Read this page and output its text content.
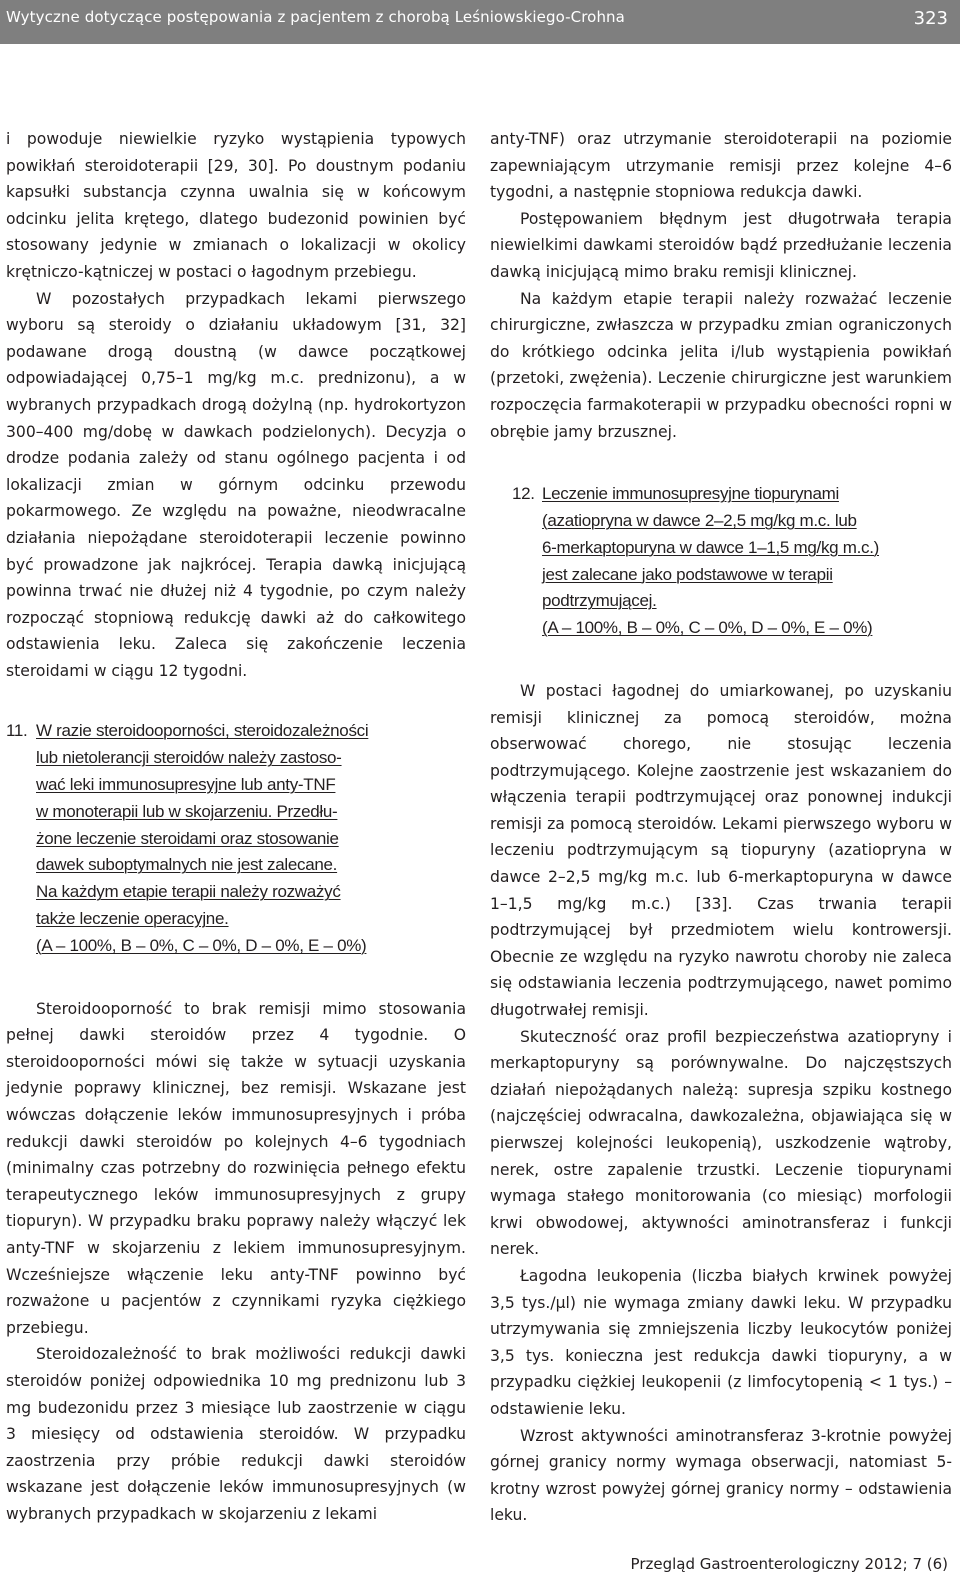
Wytyczne dotyczące postępowania z pacjentem z chorobą Leśniowskiego-Crohna	323

i powoduje niewielkie ryzyko wystąpienia typowych powikłań steroidoterapii [29, 30]. Po doustnym podaniu kapsułki substancja czynna uwalnia się w końcowym odcinku jelita krętego, dlatego budezonid powinien być stosowany jedynie w zmianach o lokalizacji w okolicy krętniczo-kątniczej w postaci o łagodnym przebiegu.

W pozostałych przypadkach lekami pierwszego wyboru są steroidy o działaniu układowym [31, 32] podawane drogą doustną (w dawce początkowej odpowiadającej 0,75–1 mg/kg m.c. prednizonu), a w wybranych przypadkach drogą dożylną (np. hydrokortyzon 300–400 mg/dobę w dawkach podzielonych). Decyzja o drodze podania zależy od stanu ogólnego pacjenta i od lokalizacji zmian w górnym odcinku przewodu pokarmowego. Ze względu na poważne, nieodwracalne działania niepożądane steroidoterapii leczenie powinno być prowadzone jak najkrócej. Terapia dawką inicjującą powinna trwać nie dłużej niż 4 tygodnie, po czym należy rozpocząć stopniową redukcję dawki aż do całkowitego odstawienia leku. Zaleca się zakończenie leczenia steroidami w ciągu 12 tygodni.

11. W razie steroidooporności, steroidozależności
lub nietolerancji steroidów należy zastoso-
wać leki immunosupresyjne lub anty-TNF
w monoterapii lub w skojarzeniu. Przedłu-
żone leczenie steroidami oraz stosowanie
dawek suboptymalnych nie jest zalecane.
Na każdym etapie terapii należy rozważyć
także leczenie operacyjne.
(A – 100%, B – 0%, C – 0%, D – 0%, E – 0%)

Steroidooporność to brak remisji mimo stosowania pełnej dawki steroidów przez 4 tygodnie. O steroidooporności mówi się także w sytuacji uzyskania jedynie poprawy klinicznej, bez remisji. Wskazane jest wówczas dołączenie leków immunosupresyjnych i próba redukcji dawki steroidów po kolejnych 4–6 tygodniach (minimalny czas potrzebny do rozwinięcia pełnego efektu terapeutycznego leków immunosupresyjnych z grupy tiopuryn). W przypadku braku poprawy należy włączyć lek anty-TNF w skojarzeniu z lekiem immunosupresyjnym. Wcześniejsze włączenie leku anty-TNF powinno być rozważone u pacjentów z czynnikami ryzyka ciężkiego przebiegu.

Steroidozależność to brak możliwości redukcji dawki steroidów poniżej odpowiednika 10 mg prednizonu lub 3 mg budezonidu przez 3 miesiące lub zaostrzenie w ciągu 3 miesięcy od odstawienia steroidów. W przypadku zaostrzenia przy próbie redukcji dawki steroidów wskazane jest dołączenie leków immunosupresyjnych (w wybranych przypadkach w skojarzeniu z lekami

anty-TNF) oraz utrzymanie steroidoterapii na poziomie zapewniającym utrzymanie remisji przez kolejne 4–6 tygodni, a następnie stopniowa redukcja dawki.

Postępowaniem błędnym jest długotrwała terapia niewielkimi dawkami steroidów bądź przedłużanie leczenia dawką inicjującą mimo braku remisji klinicznej.

Na każdym etapie terapii należy rozważać leczenie chirurgiczne, zwłaszcza w przypadku zmian ograniczonych do krótkiego odcinka jelita i/lub wystąpienia powikłań (przetoki, zwężenia). Leczenie chirurgiczne jest warunkiem rozpoczęcia farmakoterapii w przypadku obecności ropni w obrębie jamy brzusznej.

12. Leczenie immunosupresyjne tiopurynami
(azatiopryna w dawce 2–2,5 mg/kg m.c. lub
6-merkaptopuryna w dawce 1–1,5 mg/kg m.c.)
jest zalecane jako podstawowe w terapii
podtrzymującej.
(A – 100%, B – 0%, C – 0%, D – 0%, E – 0%)

W postaci łagodnej do umiarkowanej, po uzyskaniu remisji klinicznej za pomocą steroidów, można obserwować chorego, nie stosując leczenia podtrzymującego. Kolejne zaostrzenie jest wskazaniem do włączenia terapii podtrzymującej oraz ponownej indukcji remisji za pomocą steroidów. Lekami pierwszego wyboru w leczeniu podtrzymującym są tiopuryny (azatiopryna w dawce 2–2,5 mg/kg m.c. lub 6-merkaptopuryna w dawce 1–1,5 mg/kg m.c.) [33]. Czas trwania terapii podtrzymującej był przedmiotem wielu kontrowersji. Obecnie ze względu na ryzyko nawrotu choroby nie zaleca się odstawiania leczenia podtrzymującego, nawet pomimo długotrwałej remisji.

Skuteczność oraz profil bezpieczeństwa azatiopryny i merkaptopuryny są porównywalne. Do najczęstszych działań niepożądanych należą: supresja szpiku kostnego (najczęściej odwracalna, dawkozależna, objawiająca się w pierwszej kolejności leukopenią), uszkodzenie wątroby, nerek, ostre zapalenie trzustki. Leczenie tiopurynami wymaga stałego monitorowania (co miesiąc) morfologii krwi obwodowej, aktywności aminotransferaz i funkcji nerek.

Łagodna leukopenia (liczba białych krwinek powyżej 3,5 tys./µl) nie wymaga zmiany dawki leku. W przypadku utrzymywania się zmniejszenia liczby leukocytów poniżej 3,5 tys. konieczna jest redukcja dawki tiopuryny, a w przypadku ciężkiej leukopenii (z limfocytopenią < 1 tys.) – odstawienie leku.

Wzrost aktywności aminotransferaz 3-krotnie powyżej górnej granicy normy wymaga obserwacji, natomiast 5-krotny wzrost powyżej górnej granicy normy – odstawienia leku.

Przegląd Gastroenterologiczny 2012; 7 (6)
